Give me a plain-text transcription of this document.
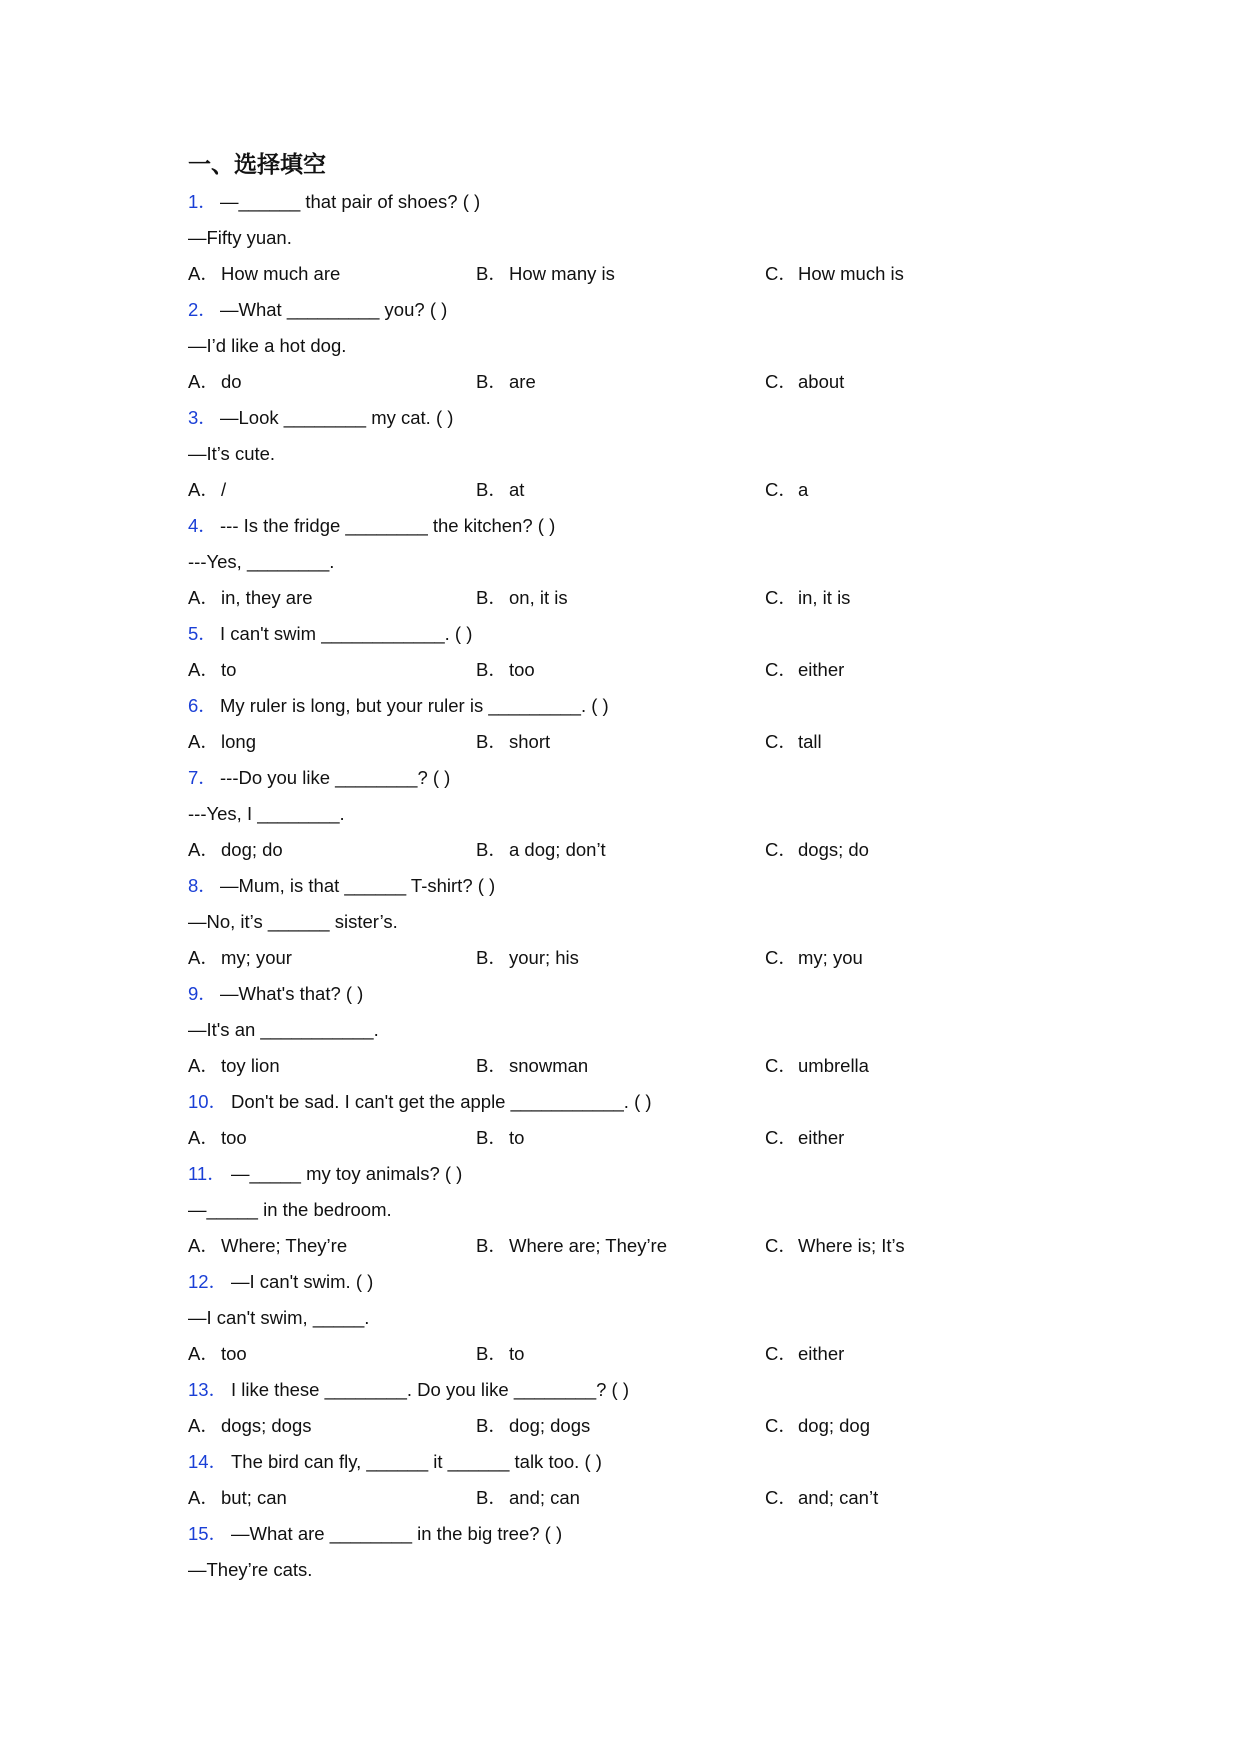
一、选择填空
1． —______ that pair of shoes? ( )
—Fifty yuan.
A． How much are	B． How many is	C．How much is
2． —What _________ you? ( )
—I’d like a hot dog.
A． do	B． are	C．about
3． —Look ________ my cat. ( )
—It’s cute.
A． /	B． at	C．a
4． --- Is the fridge ________ the kitchen? ( )
---Yes, ________.
A． in, they are	B． on, it is	C．in, it is
5． I can't swim ____________. ( )
A． to	B． too	C．either
6． My ruler is long, but your ruler is _________. ( )
A． long	B． short	C．tall
7． ---Do you like ________? ( )
---Yes, I ________.
A． dog; do	B． a dog; don’t	C．dogs; do
8． —Mum, is that ______ T-shirt? ( )
—No, it’s ______ sister’s.
A． my; your	B． your; his	C．my; you
9． —What's that? ( )
—It's an ___________.
A． toy lion	B． snowman	C．umbrella
10． Don't be sad. I can't get the apple ___________. ( )
A． too	B． to	C．either
11． —_____ my toy animals? ( )
—_____ in the bedroom.
A． Where; They’re	B． Where are; They’re	C．Where is; It’s
12． —I can't swim. ( )
—I can't swim, _____.
A． too	B． to	C．either
13． I like these ________. Do you like ________? ( )
A． dogs; dogs	B． dog; dogs	C．dog; dog
14． The bird can fly, ______ it ______ talk too. ( )
A． but; can	B． and; can	C．and; can’t
15． —What are ________ in the big tree? ( )
—They’re cats.
